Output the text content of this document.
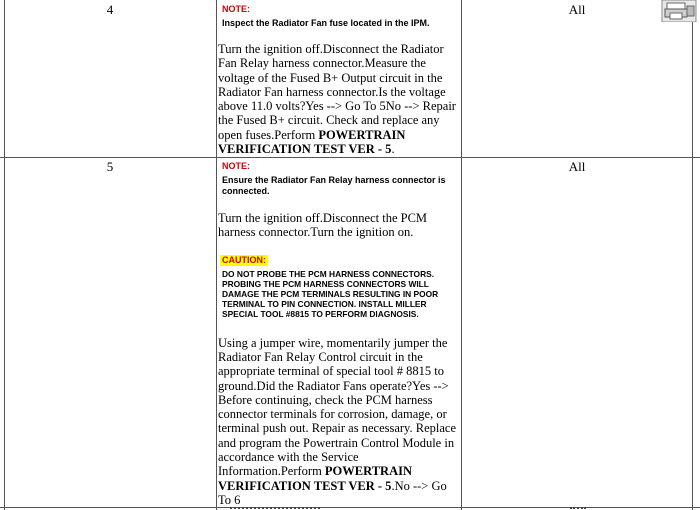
4	All
NOTE:
Inspect the Radiator Fan fuse located in the IPM.
Turn the ignition off.Disconnect the Radiator Fan Relay harness connector.Measure the voltage of the Fused B+ Output circuit in the Radiator Fan harness connector.Is the voltage above 11.0 volts?Yes --> Go To 5No --> Repair the Fused B+ circuit. Check and replace any open fuses.Perform POWERTRAIN VERIFICATION TEST VER - 5.
5	All
NOTE:
Ensure the Radiator Fan Relay harness connector is connected.
Turn the ignition off.Disconnect the PCM harness connector.Turn the ignition on.
CAUTION:
DO NOT PROBE THE PCM HARNESS CONNECTORS. PROBING THE PCM HARNESS CONNECTORS WILL DAMAGE THE PCM TERMINALS RESULTING IN POOR TERMINAL TO PIN CONNECTION. INSTALL MILLER SPECIAL TOOL #8815 TO PERFORM DIAGNOSIS.
Using a jumper wire, momentarily jumper the Radiator Fan Relay Control circuit in the appropriate terminal of special tool # 8815 to ground.Did the Radiator Fans operate?Yes --> Before continuing, check the PCM harness connector terminals for corrosion, damage, or terminal push out. Repair as necessary. Replace and program the Powertrain Control Module in accordance with the Service Information.Perform POWERTRAIN VERIFICATION TEST VER - 5.No --> Go To 6
